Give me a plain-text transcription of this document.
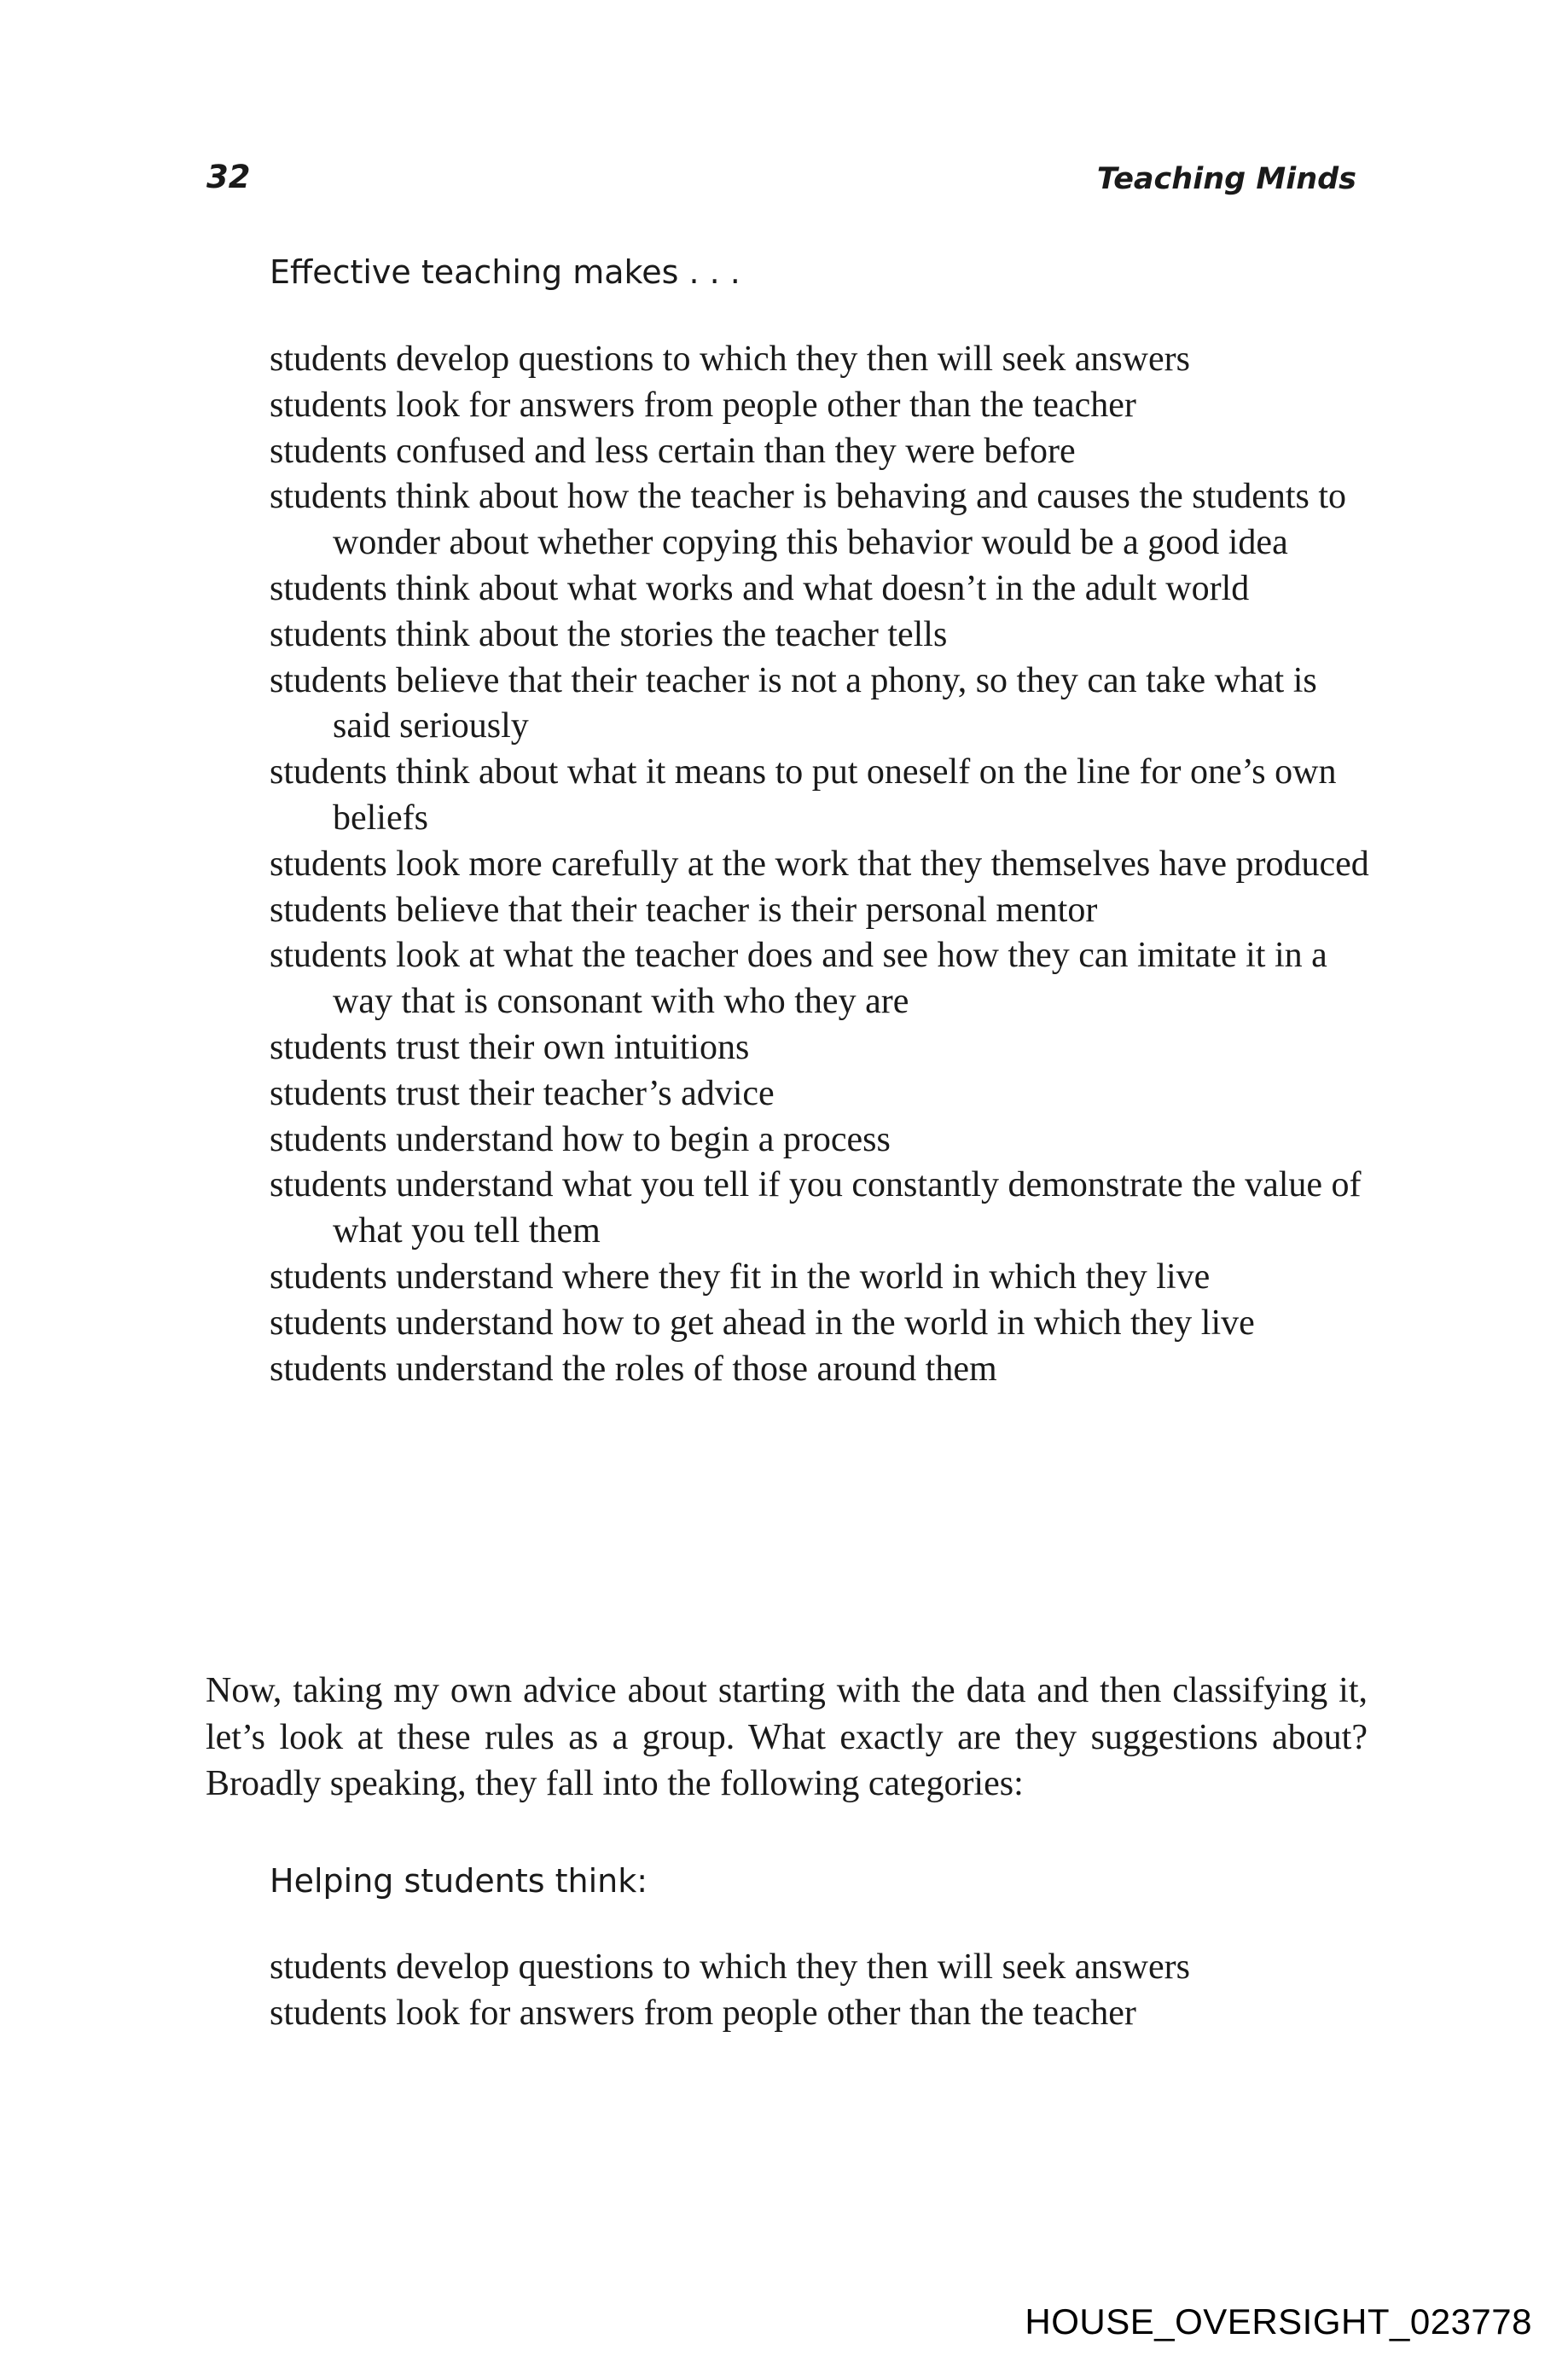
32	Teaching Minds

Effective teaching makes . . .

students develop questions to which they then will seek answers
students look for answers from people other than the teacher
students confused and less certain than they were before
students think about how the teacher is behaving and causes the students to wonder about whether copying this behavior would be a good idea
students think about what works and what doesn’t in the adult world
students think about the stories the teacher tells
students believe that their teacher is not a phony, so they can take what is said seriously
students think about what it means to put oneself on the line for one’s own beliefs
students look more carefully at the work that they themselves have produced
students believe that their teacher is their personal mentor
students look at what the teacher does and see how they can imitate it in a way that is consonant with who they are
students trust their own intuitions
students trust their teacher’s advice
students understand how to begin a process
students understand what you tell if you constantly demonstrate the value of what you tell them
students understand where they fit in the world in which they live
students understand how to get ahead in the world in which they live
students understand the roles of those around them

Now, taking my own advice about starting with the data and then classifying it, let’s look at these rules as a group. What exactly are they suggestions about? Broadly speaking, they fall into the following categories:

Helping students think:

students develop questions to which they then will seek answers
students look for answers from people other than the teacher
HOUSE_OVERSIGHT_023778
